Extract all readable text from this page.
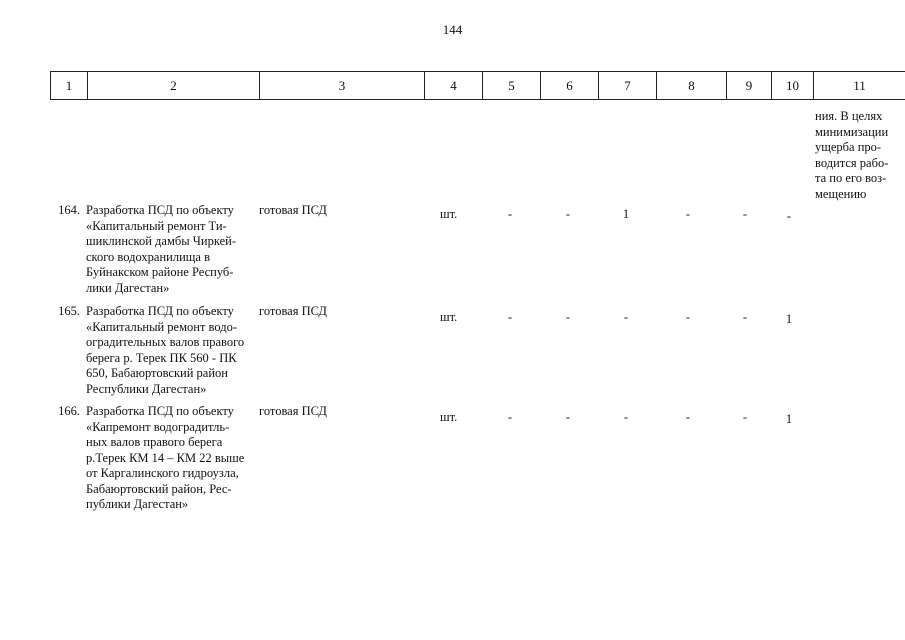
144
1	2	3	4	5	6	7	8	9	10	11
ния. В целях
минимизации
ущерба про-
водится рабо-
та по его воз-
мещению
164. Разработка ПСД по объекту
«Капитальный ремонт Ти-
шиклинской дамбы Чиркей-
ского водохранилища в
Буйнакском районе Респуб-
лики Дагестан»
готовая ПСД	шт.	-	-	1	-	-	-
165. Разработка ПСД по объекту
«Капитальный ремонт водо-
оградительных валов правого
берега р. Терек ПК 560 - ПК
650, Бабаюртовский район
Республики Дагестан»
готовая ПСД	шт.	-	-	-	-	-	1
166. Разработка ПСД по объекту
«Капремонт водоградитль-
ных валов правого берега
р.Терек КМ 14 – КМ 22 выше
от Каргалинского гидроузла,
Бабаюртовский район, Рес-
публики Дагестан»
готовая ПСД	шт.	-	-	-	-	-	1
